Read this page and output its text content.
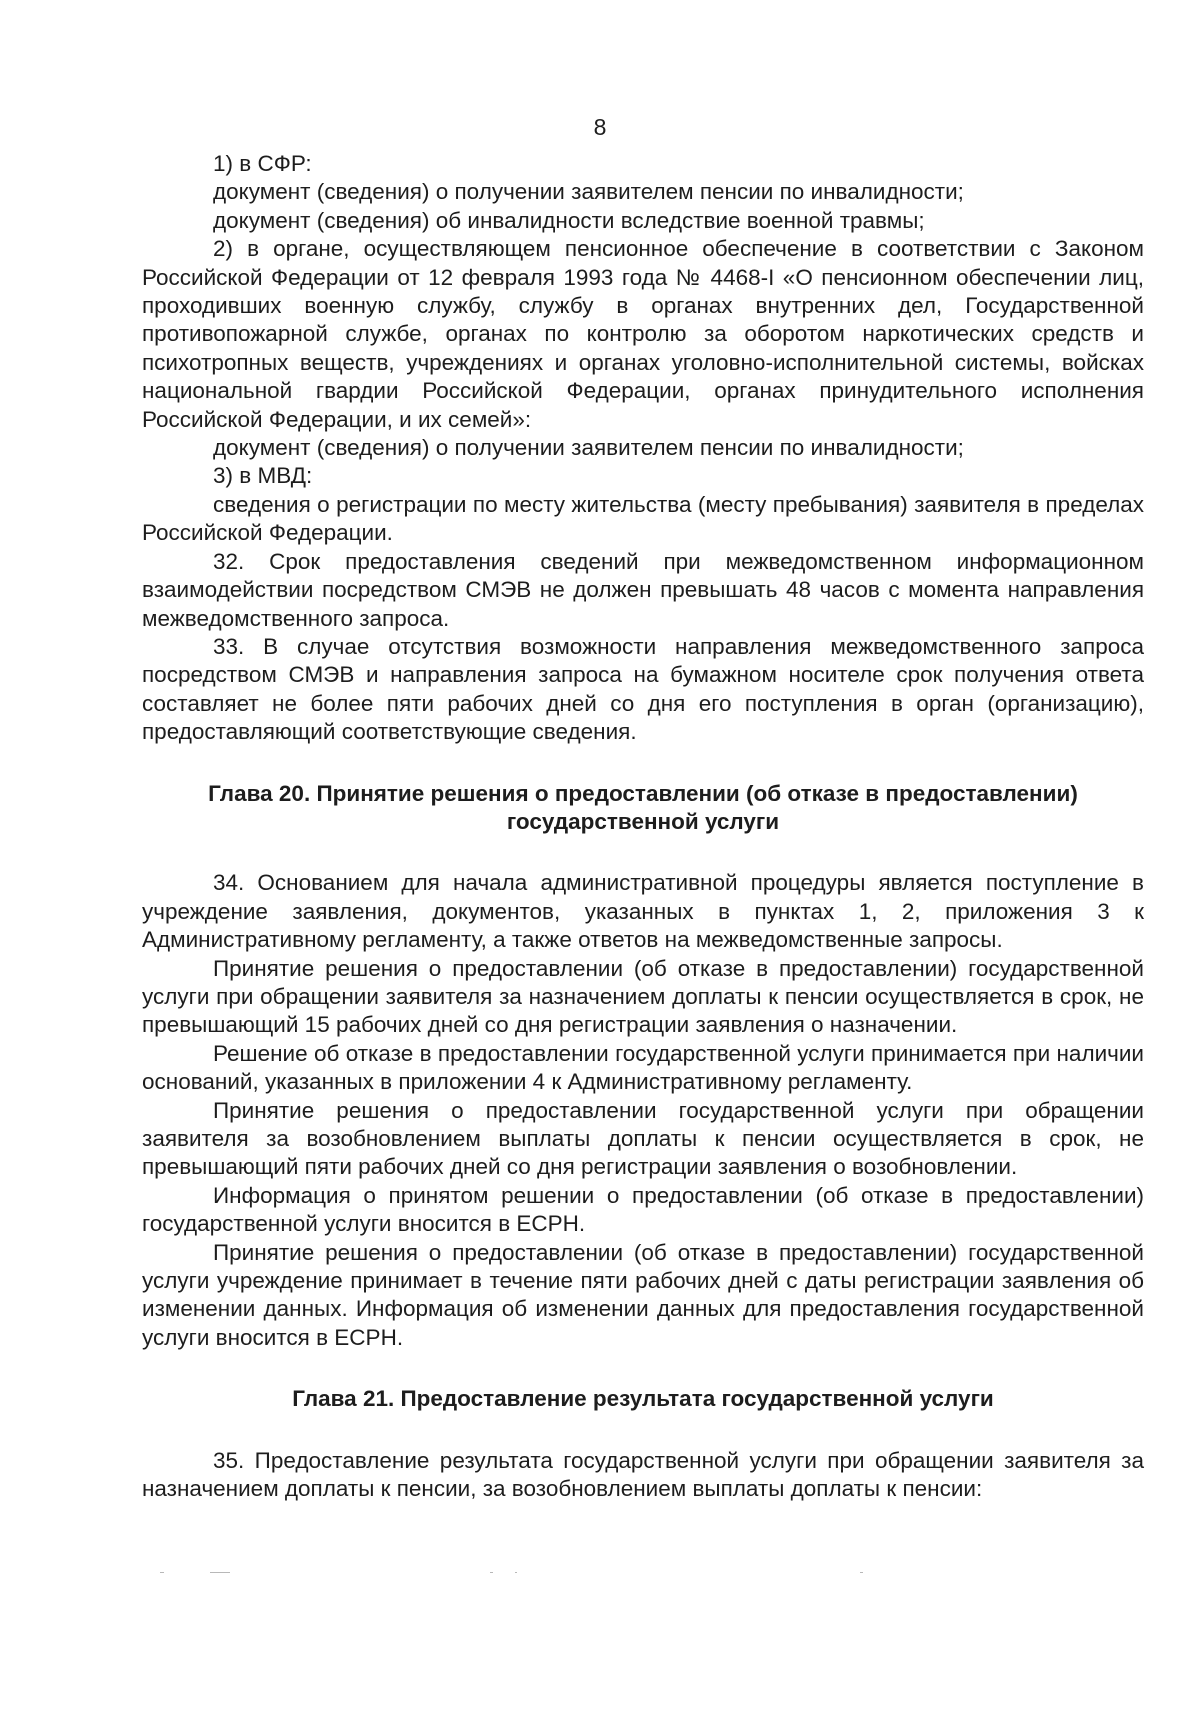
8

1) в СФР:

документ (сведения) о получении заявителем пенсии по инвалидности;

документ (сведения) об инвалидности вследствие военной травмы;

2) в органе, осуществляющем пенсионное обеспечение в соответствии с Законом Российской Федерации от 12 февраля 1993 года № 4468-I «О пенсионном обеспечении лиц, проходивших военную службу, службу в органах внутренних дел, Государственной противопожарной службе, органах по контролю за оборотом наркотических средств и психотропных веществ, учреждениях и органах уголовно-исполнительной системы, войсках национальной гвардии Российской Федерации, органах принудительного исполнения Российской Федерации, и их семей»:

документ (сведения) о получении заявителем пенсии по инвалидности;

3) в МВД:

сведения о регистрации по месту жительства (месту пребывания) заявителя в пределах Российской Федерации.

32. Срок предоставления сведений при межведомственном информационном взаимодействии посредством СМЭВ не должен превышать 48 часов с момента направления межведомственного запроса.

33. В случае отсутствия возможности направления межведомственного запроса посредством СМЭВ и направления запроса на бумажном носителе срок получения ответа составляет не более пяти рабочих дней со дня его поступления в орган (организацию), предоставляющий соответствующие сведения.

Глава 20. Принятие решения о предоставлении (об отказе в предоставлении) государственной услуги

34. Основанием для начала административной процедуры является поступление в учреждение заявления, документов, указанных в пунктах 1, 2, приложения 3 к Административному регламенту, а также ответов на межведомственные запросы.

Принятие решения о предоставлении (об отказе в предоставлении) государственной услуги при обращении заявителя за назначением доплаты к пенсии осуществляется в срок, не превышающий 15 рабочих дней со дня регистрации заявления о назначении.

Решение об отказе в предоставлении государственной услуги принимается при наличии оснований, указанных в приложении 4 к Административному регламенту.

Принятие решения о предоставлении государственной услуги при обращении заявителя за возобновлением выплаты доплаты к пенсии осуществляется в срок, не превышающий пяти рабочих дней со дня регистрации заявления о возобновлении.

Информация о принятом решении о предоставлении (об отказе в предоставлении) государственной услуги вносится в ЕСРН.

Принятие решения о предоставлении (об отказе в предоставлении) государственной услуги учреждение принимает в течение пяти рабочих дней с даты регистрации заявления об изменении данных. Информация об изменении данных для предоставления государственной услуги вносится в ЕСРН.

Глава 21. Предоставление результата государственной услуги

35. Предоставление результата государственной услуги при обращении заявителя за назначением доплаты к пенсии, за возобновлением выплаты доплаты к пенсии:
